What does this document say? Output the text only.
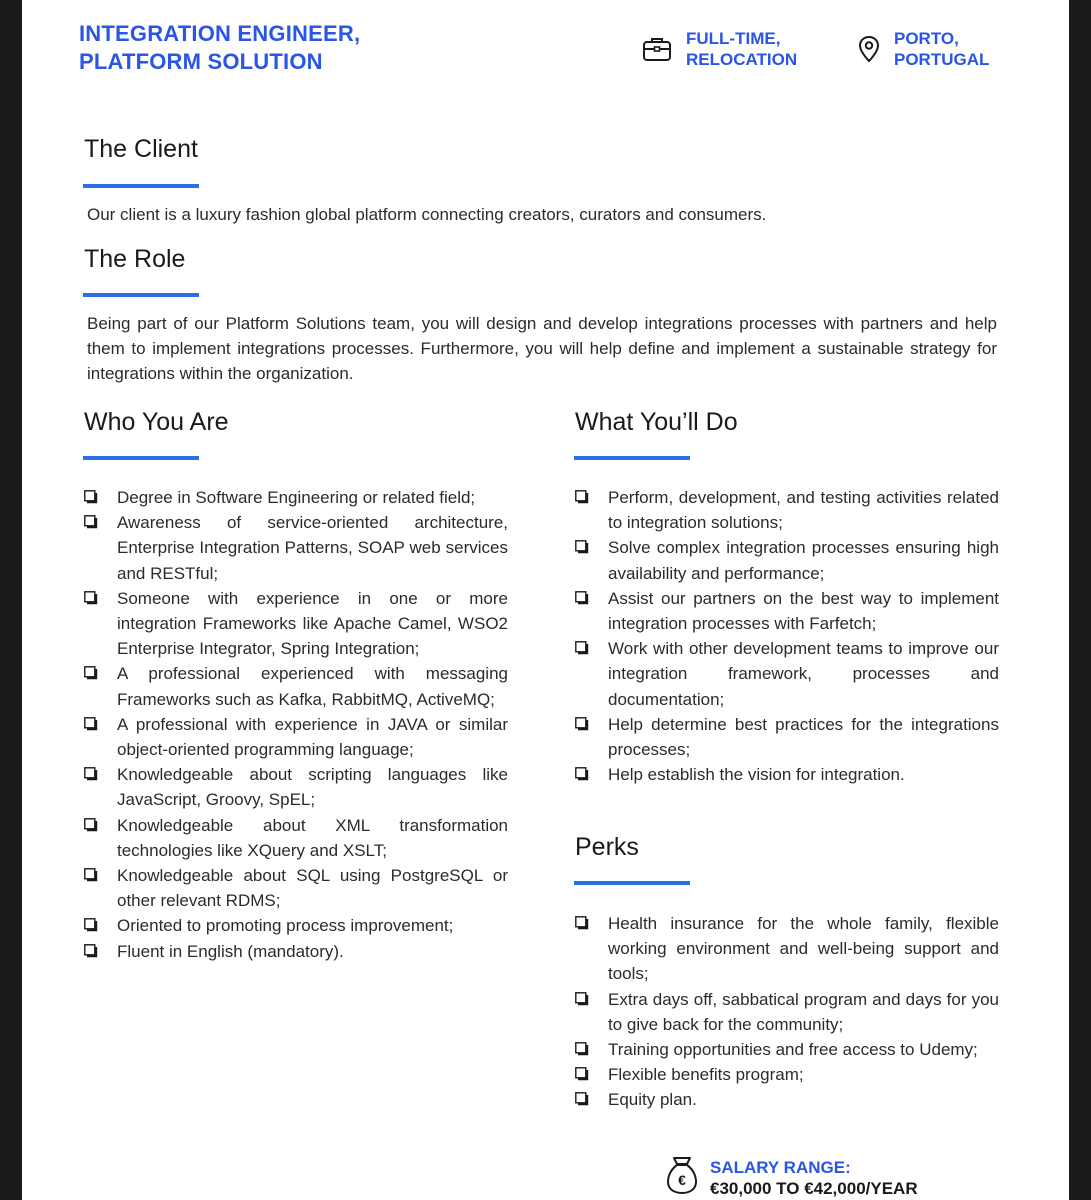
INTEGRATION ENGINEER,
PLATFORM SOLUTION
FULL-TIME,
RELOCATION
PORTO,
PORTUGAL
The Client

Our client is a luxury fashion global platform connecting creators, curators and consumers.

The Role

Being part of our Platform Solutions team, you will design and develop integrations processes with partners and help them to implement integrations processes. Furthermore, you will help define and implement a sustainable strategy for integrations within the organization.

Who You Are
Degree in Software Engineering or related field;
Awareness of service-oriented architecture, Enterprise Integration Patterns, SOAP web services and RESTful;
Someone with experience in one or more integration Frameworks like Apache Camel, WSO2 Enterprise Integrator, Spring Integration;
A professional experienced with messaging Frameworks such as Kafka, RabbitMQ, ActiveMQ;
A professional with experience in JAVA or similar object-oriented programming language;
Knowledgeable about scripting languages like JavaScript, Groovy, SpEL;
Knowledgeable about XML transformation technologies like XQuery and XSLT;
Knowledgeable about SQL using PostgreSQL or other relevant RDMS;
Oriented to promoting process improvement;
Fluent in English (mandatory).
What You’ll Do
Perform, development, and testing activities related to integration solutions;
Solve complex integration processes ensuring high availability and performance;
Assist our partners on the best way to implement integration processes with Farfetch;
Work with other development teams to improve our integration framework, processes and documentation;
Help determine best practices for the integrations processes;
Help establish the vision for integration.
Perks
Health insurance for the whole family, flexible working environment and well-being support and tools;
Extra days off, sabbatical program and days for you to give back for the community;
Training opportunities and free access to Udemy;
Flexible benefits program;
Equity plan.
€
SALARY RANGE:
€30,000 TO €42,000/YEAR
